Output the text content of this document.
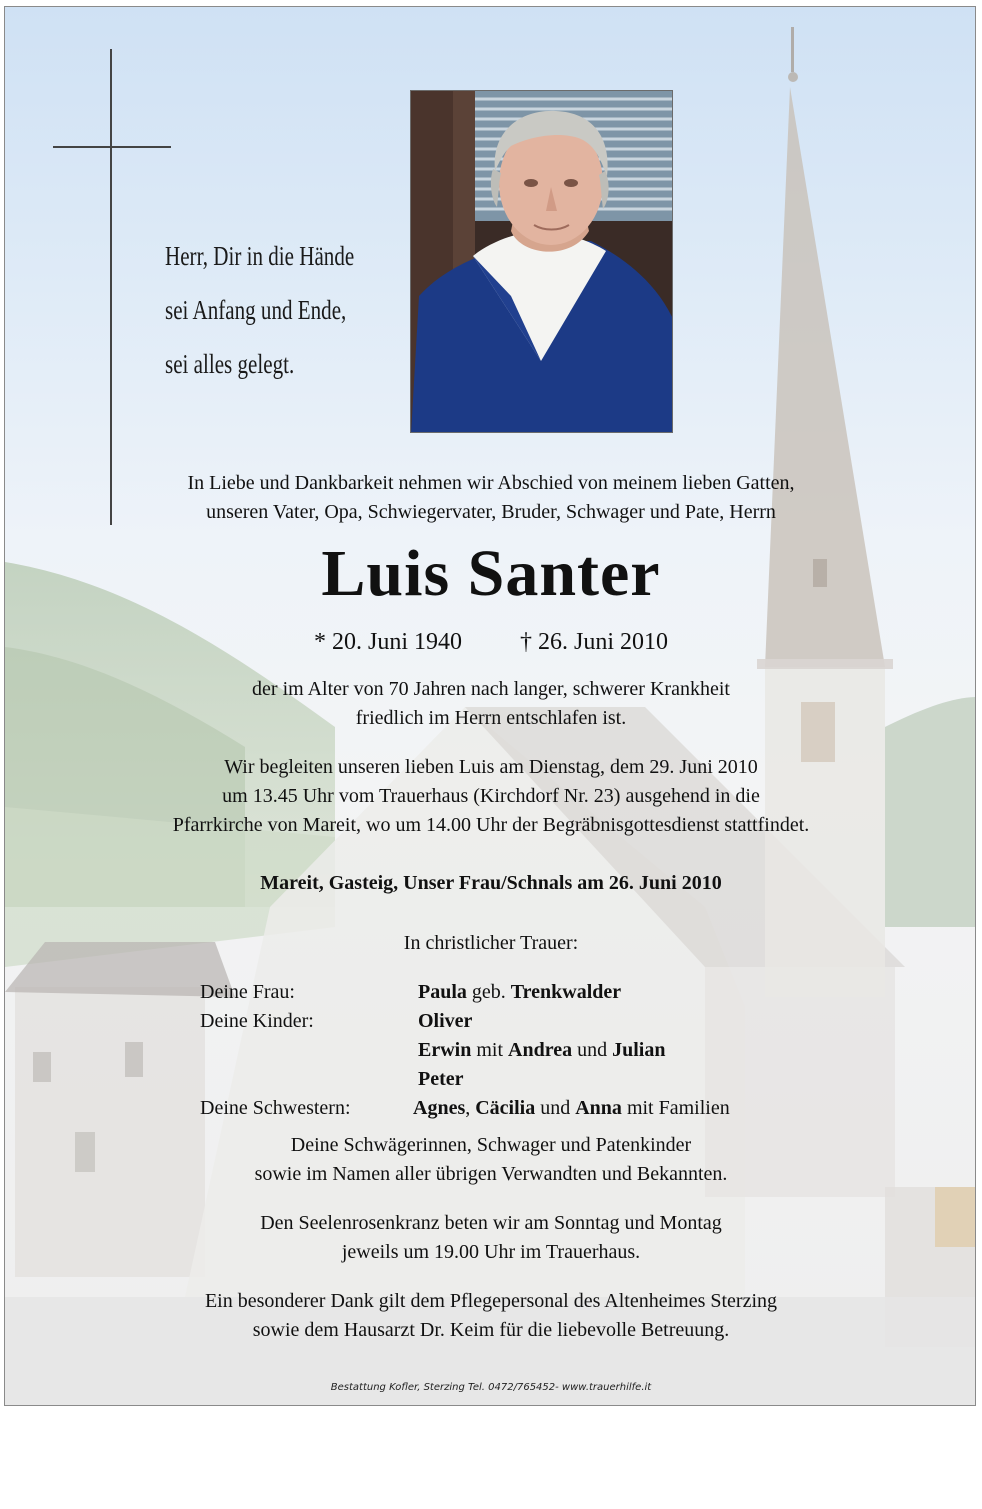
Herr, Dir in die Hände
sei Anfang und Ende,
sei alles gelegt.
In Liebe und Dankbarkeit nehmen wir Abschied von meinem lieben Gatten,
unseren Vater, Opa, Schwiegervater, Bruder, Schwager und Pate, Herrn
Luis Santer
* 20. Juni 1940 † 26. Juni 2010
der im Alter von 70 Jahren nach langer, schwerer Krankheit
friedlich im Herrn entschlafen ist.
Wir begleiten unseren lieben Luis am Dienstag, dem 29. Juni 2010
um 13.45 Uhr vom Trauerhaus (Kirchdorf Nr. 23) ausgehend in die
Pfarrkirche von Mareit, wo um 14.00 Uhr der Begräbnisgottesdienst stattfindet.
Mareit, Gasteig, Unser Frau/Schnals am 26. Juni 2010
In christlicher Trauer:
Deine Frau:	Paula geb. Trenkwalder
Deine Kinder:	Oliver
Erwin mit Andrea und Julian
Peter
Deine Schwestern:	Agnes, Cäcilia und Anna mit Familien
Deine Schwägerinnen, Schwager und Patenkinder
sowie im Namen aller übrigen Verwandten und Bekannten.
Den Seelenrosenkranz beten wir am Sonntag und Montag
jeweils um 19.00 Uhr im Trauerhaus.
Ein besonderer Dank gilt dem Pflegepersonal des Altenheimes Sterzing
sowie dem Hausarzt Dr. Keim für die liebevolle Betreuung.
Bestattung Kofler, Sterzing Tel. 0472/765452- www.trauerhilfe.it
